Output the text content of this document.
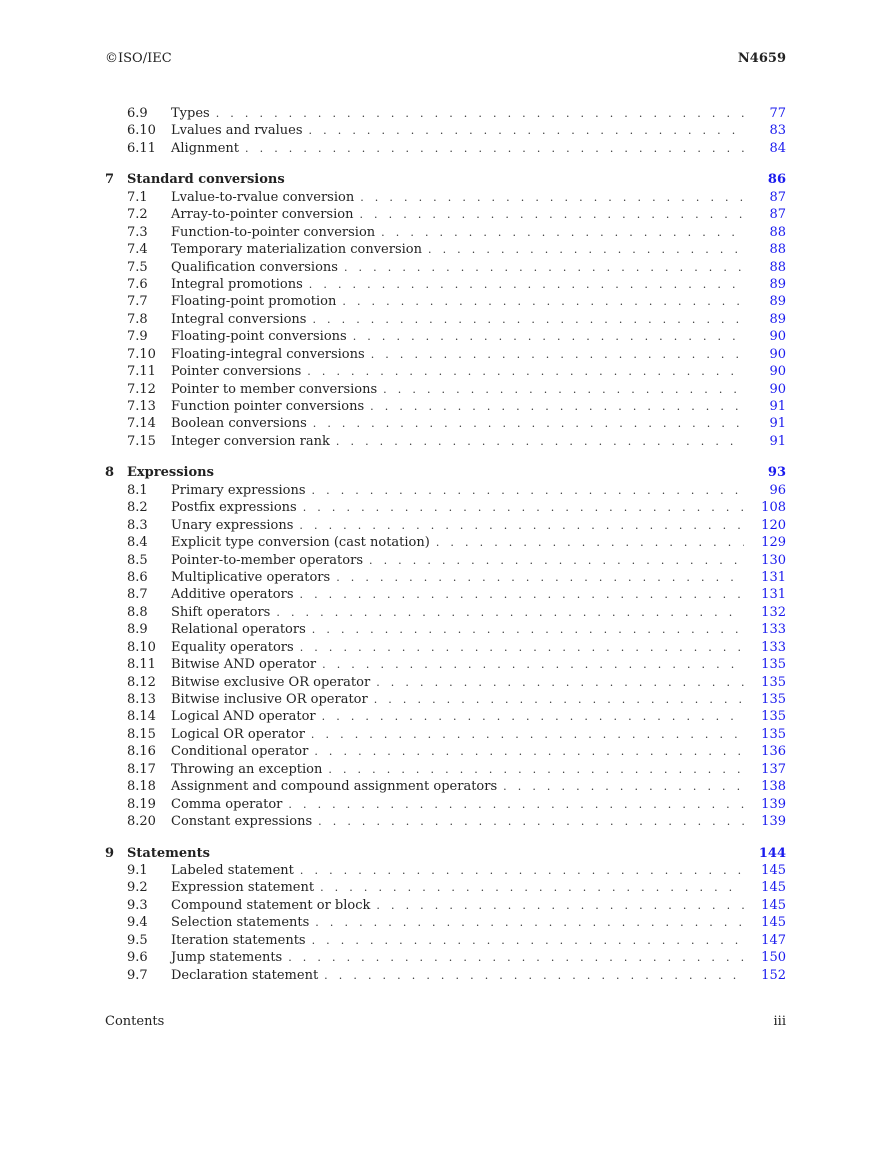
©ISO/IEC	N4659
6.9	Types . . .	77
6.10	Lvalues and rvalues . . .	83
6.11	Alignment . . .	84
7 Standard conversions	86
7.1	Lvalue-to-rvalue conversion . . .	87
7.2	Array-to-pointer conversion . . .	87
7.3	Function-to-pointer conversion . . .	88
7.4	Temporary materialization conversion . . .	88
7.5	Qualification conversions . . .	88
7.6	Integral promotions . . .	89
7.7	Floating-point promotion . . .	89
7.8	Integral conversions . . .	89
7.9	Floating-point conversions . . .	90
7.10	Floating-integral conversions . . .	90
7.11	Pointer conversions . . .	90
7.12	Pointer to member conversions . . .	90
7.13	Function pointer conversions . . .	91
7.14	Boolean conversions . . .	91
7.15	Integer conversion rank . . .	91
8 Expressions	93
8.1	Primary expressions . . .	96
8.2	Postfix expressions . . .	108
8.3	Unary expressions . . .	120
8.4	Explicit type conversion (cast notation) . . .	129
8.5	Pointer-to-member operators . . .	130
8.6	Multiplicative operators . . .	131
8.7	Additive operators . . .	131
8.8	Shift operators . . .	132
8.9	Relational operators . . .	133
8.10	Equality operators . . .	133
8.11	Bitwise AND operator . . .	135
8.12	Bitwise exclusive OR operator . . .	135
8.13	Bitwise inclusive OR operator . . .	135
8.14	Logical AND operator . . .	135
8.15	Logical OR operator . . .	135
8.16	Conditional operator . . .	136
8.17	Throwing an exception . . .	137
8.18	Assignment and compound assignment operators . . .	138
8.19	Comma operator . . .	139
8.20	Constant expressions . . .	139
9 Statements	144
9.1	Labeled statement . . .	145
9.2	Expression statement . . .	145
9.3	Compound statement or block . . .	145
9.4	Selection statements . . .	145
9.5	Iteration statements . . .	147
9.6	Jump statements . . .	150
9.7	Declaration statement . . .	152
Contents	iii
